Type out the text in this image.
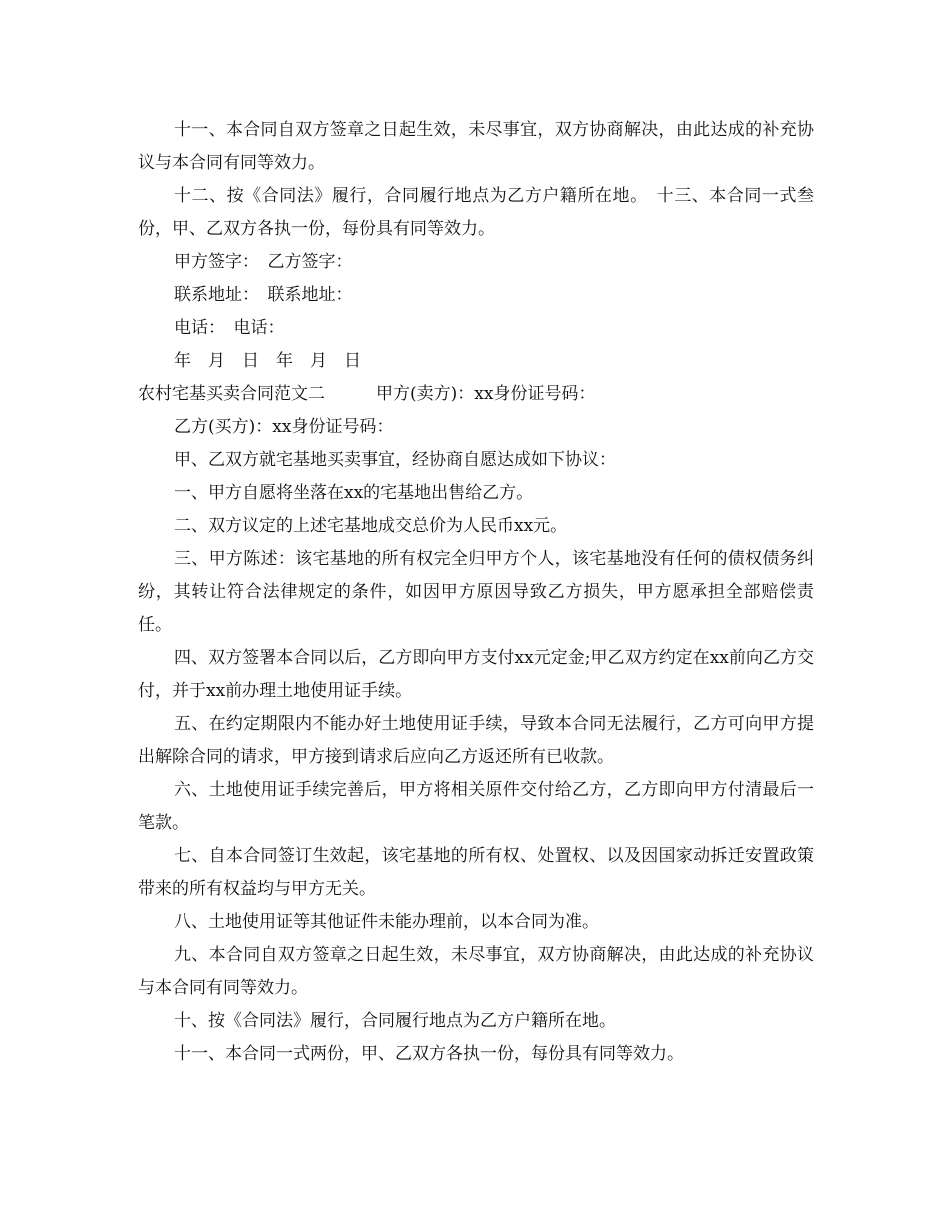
十一、本合同自双方签章之日起生效，未尽事宜，双方协商解决，由此达成的补充协议与本合同有同等效力。

十二、按《合同法》履行，合同履行地点为乙方户籍所在地。　十三、本合同一式叁份，甲、乙双方各执一份，每份具有同等效力。

甲方签字：　乙方签字：

联系地址：　联系地址：

电话：　电话：

年　月　日　年　月　日

农村宅基买卖合同范文二　　　甲方(卖方)：xx身份证号码：

乙方(买方)：xx身份证号码：

甲、乙双方就宅基地买卖事宜，经协商自愿达成如下协议：

一、甲方自愿将坐落在xx的宅基地出售给乙方。

二、双方议定的上述宅基地成交总价为人民币xx元。

三、甲方陈述：该宅基地的所有权完全归甲方个人，该宅基地没有任何的债权债务纠纷，其转让符合法律规定的条件，如因甲方原因导致乙方损失，甲方愿承担全部赔偿责任。

四、双方签署本合同以后，乙方即向甲方支付xx元定金;甲乙双方约定在xx前向乙方交付，并于xx前办理土地使用证手续。

五、在约定期限内不能办好土地使用证手续，导致本合同无法履行，乙方可向甲方提出解除合同的请求，甲方接到请求后应向乙方返还所有已收款。

六、土地使用证手续完善后，甲方将相关原件交付给乙方，乙方即向甲方付清最后一笔款。

七、自本合同签订生效起，该宅基地的所有权、处置权、以及因国家动拆迁安置政策带来的所有权益均与甲方无关。

八、土地使用证等其他证件未能办理前，以本合同为准。

九、本合同自双方签章之日起生效，未尽事宜，双方协商解决，由此达成的补充协议与本合同有同等效力。

十、按《合同法》履行，合同履行地点为乙方户籍所在地。

十一、本合同一式两份，甲、乙双方各执一份，每份具有同等效力。
